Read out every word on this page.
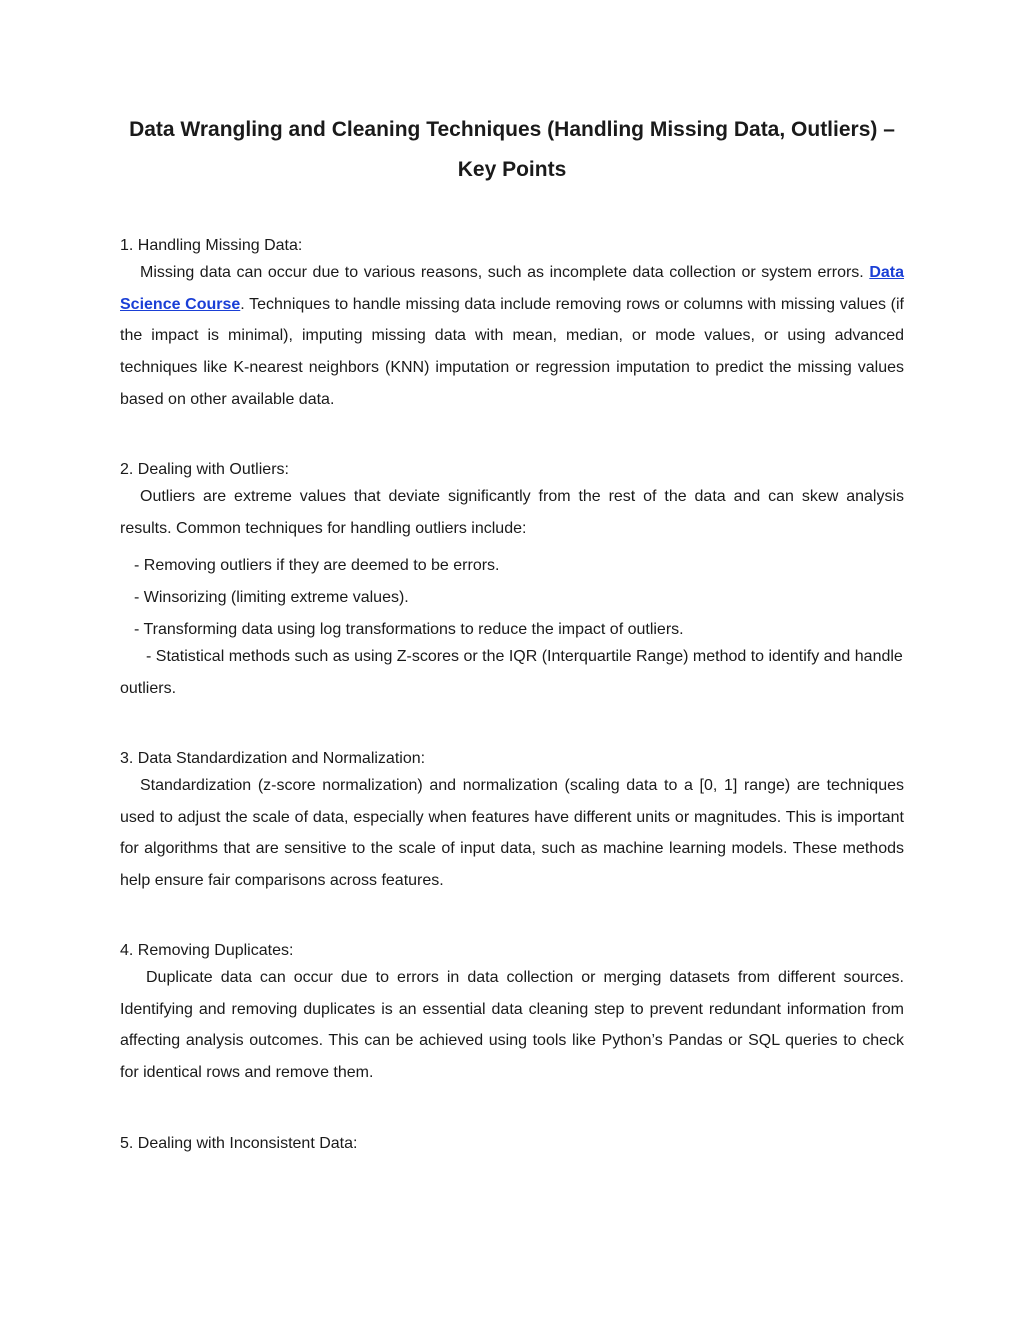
Data Wrangling and Cleaning Techniques (Handling Missing Data, Outliers) – Key Points
1. Handling Missing Data:

Missing data can occur due to various reasons, such as incomplete data collection or system errors. Data Science Course. Techniques to handle missing data include removing rows or columns with missing values (if the impact is minimal), imputing missing data with mean, median, or mode values, or using advanced techniques like K-nearest neighbors (KNN) imputation or regression imputation to predict the missing values based on other available data.

2. Dealing with Outliers:

Outliers are extreme values that deviate significantly from the rest of the data and can skew analysis results. Common techniques for handling outliers include:

- Removing outliers if they are deemed to be errors.
- Winsorizing (limiting extreme values).
- Transforming data using log transformations to reduce the impact of outliers.

- Statistical methods such as using Z-scores or the IQR (Interquartile Range) method to identify and handle outliers.

3. Data Standardization and Normalization:

Standardization (z-score normalization) and normalization (scaling data to a [0, 1] range) are techniques used to adjust the scale of data, especially when features have different units or magnitudes. This is important for algorithms that are sensitive to the scale of input data, such as machine learning models. These methods help ensure fair comparisons across features.

4. Removing Duplicates:

Duplicate data can occur due to errors in data collection or merging datasets from different sources. Identifying and removing duplicates is an essential data cleaning step to prevent redundant information from affecting analysis outcomes. This can be achieved using tools like Python’s Pandas or SQL queries to check for identical rows and remove them.

5. Dealing with Inconsistent Data:
